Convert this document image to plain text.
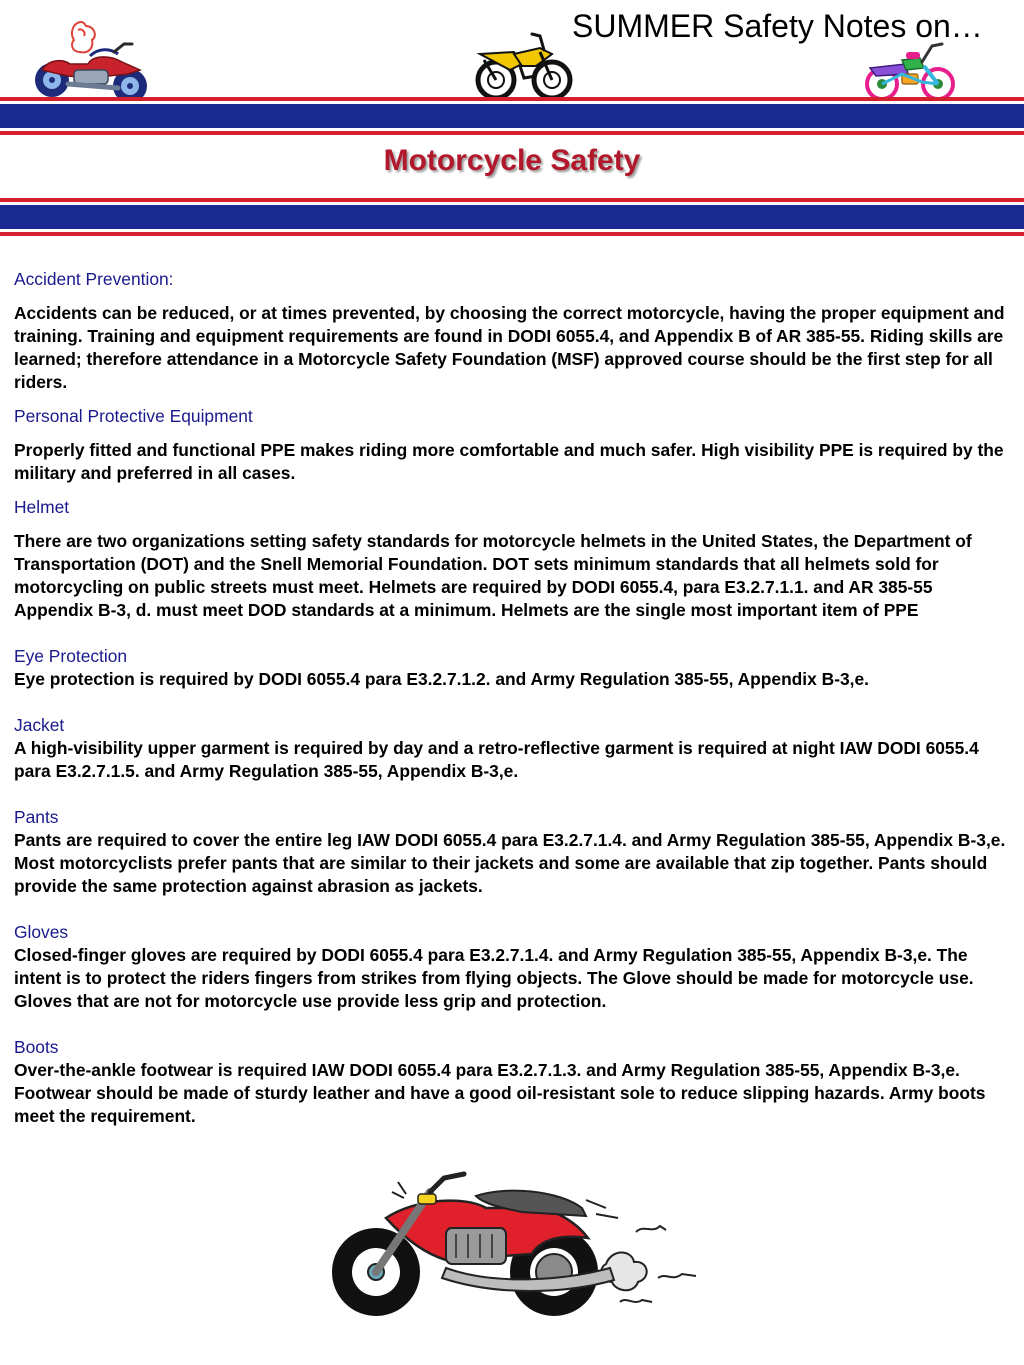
SUMMER Safety Notes on…
Motorcycle Safety
Accident Prevention:
Accidents can be reduced, or at times prevented, by choosing the correct motorcycle, having the proper equipment and training. Training and equipment requirements are found in DODI 6055.4, and Appendix B of AR 385-55. Riding skills are learned; therefore attendance in a Motorcycle Safety Foundation (MSF) approved course should be the first step for all riders.
Personal Protective Equipment
Properly fitted and functional PPE makes riding more comfortable and much safer. High visibility PPE is required by the military and preferred in all cases.
Helmet
There are two organizations setting safety standards for motorcycle helmets in the United States, the Department of Transportation (DOT) and the Snell Memorial Foundation. DOT sets minimum standards that all helmets sold for motorcycling on public streets must meet. Helmets are required by DODI 6055.4, para E3.2.7.1.1. and AR 385-55 Appendix B-3, d. must meet DOD standards at a minimum. Helmets are the single most important item of PPE
Eye Protection
Eye protection is required by DODI 6055.4 para E3.2.7.1.2. and Army Regulation 385-55, Appendix B-3,e.
Jacket
A high-visibility upper garment is required by day and a retro-reflective garment is required at night IAW DODI 6055.4 para E3.2.7.1.5. and Army Regulation 385-55, Appendix B-3,e.
Pants
Pants are required to cover the entire leg IAW DODI 6055.4 para E3.2.7.1.4. and Army Regulation 385-55, Appendix B-3,e.
Most motorcyclists prefer pants that are similar to their jackets and some are available that zip together. Pants should provide the same protection against abrasion as jackets.
Gloves
Closed-finger gloves are required by DODI 6055.4 para E3.2.7.1.4. and Army Regulation 385-55, Appendix B-3,e. The intent is to protect the riders fingers from strikes from flying objects. The Glove should be made for motorcycle use. Gloves that are not for motorcycle use provide less grip and protection.
Boots
Over-the-ankle footwear is required IAW DODI 6055.4 para E3.2.7.1.3. and Army Regulation 385-55, Appendix B-3,e. Footwear should be made of sturdy leather and have a good oil-resistant sole to reduce slipping hazards. Army boots meet the requirement.
